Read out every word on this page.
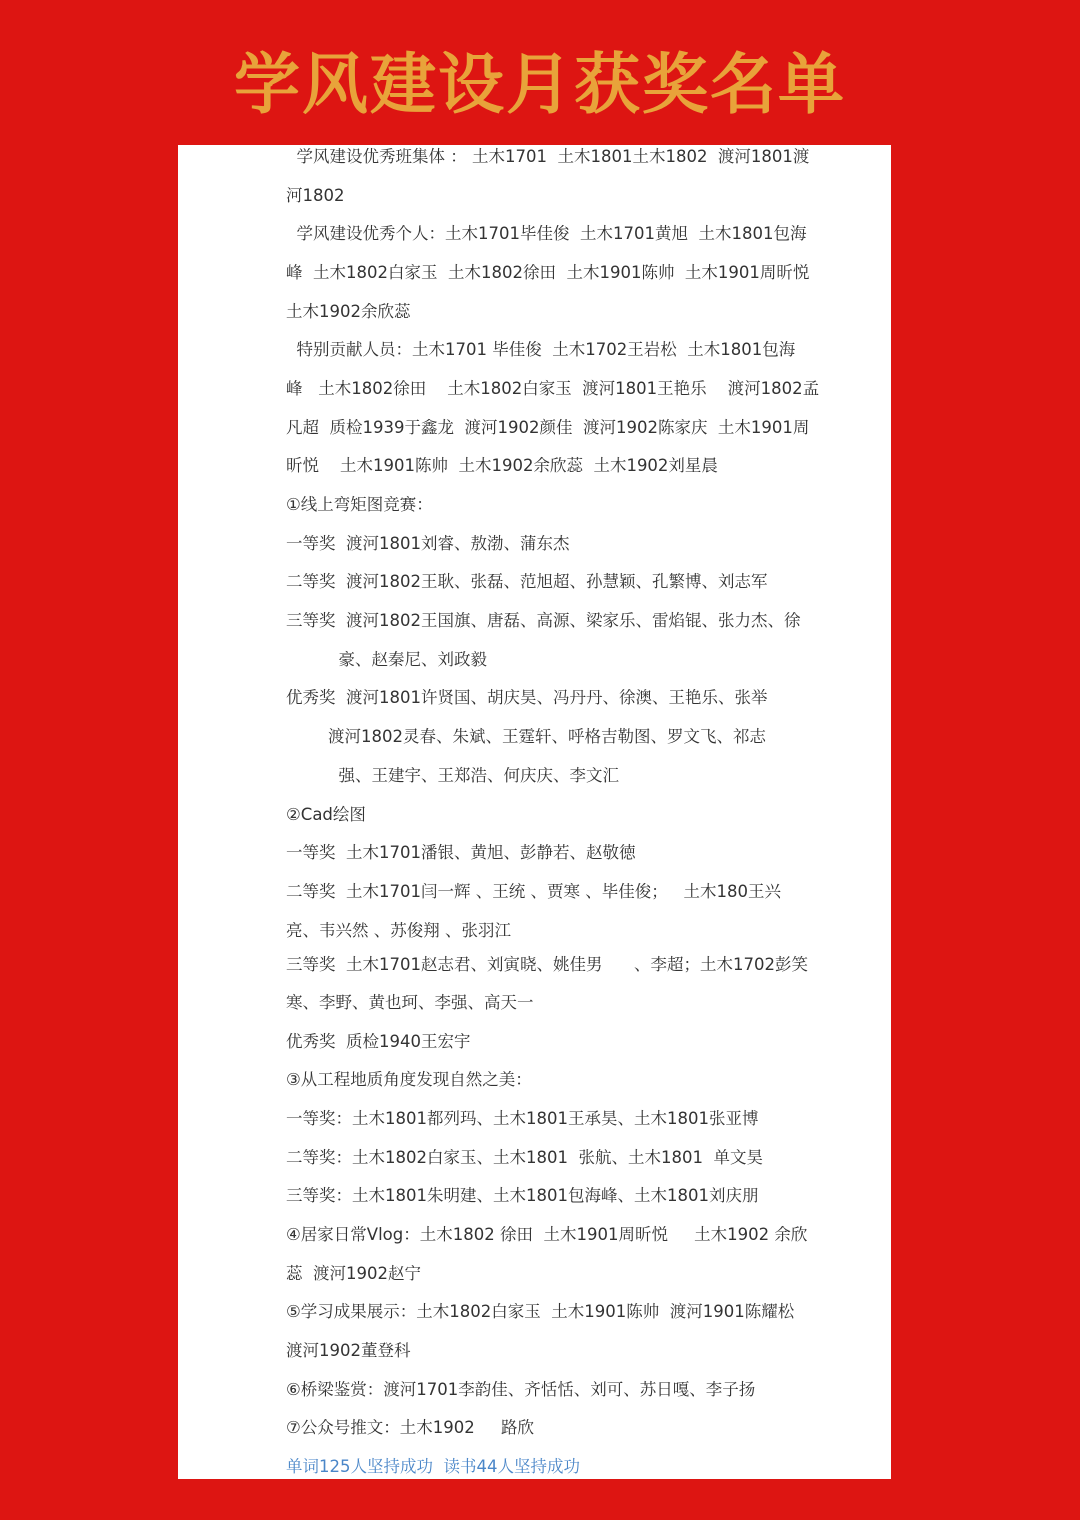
学风建设月获奖名单
学风建设优秀班集体 ： 土木1701  土木1801土木1802  渡河1801渡
河1802
学风建设优秀个人：土木1701毕佳俊  土木1701黄旭  土木1801包海
峰  土木1802白家玉  土木1802徐田  土木1901陈帅  土木1901周昕悦
土木1902余欣蕊
特别贡献人员：土木1701 毕佳俊  土木1702王岩松  土木1801包海
峰   土木1802徐田    土木1802白家玉  渡河1801王艳乐    渡河1802孟
凡超  质检1939于鑫龙  渡河1902颜佳  渡河1902陈家庆  土木1901周
昕悦    土木1901陈帅  土木1902余欣蕊  土木1902刘星晨
①线上弯矩图竞赛：
一等奖  渡河1801刘睿、敖渤、蒲东杰
二等奖  渡河1802王耿、张磊、范旭超、孙慧颖、孔繁博、刘志军
三等奖  渡河1802王国旗、唐磊、高源、梁家乐、雷焰锟、张力杰、徐
豪、赵秦尼、刘政毅
优秀奖  渡河1801许贤国、胡庆昊、冯丹丹、徐澳、王艳乐、张举
渡河1802灵春、朱斌、王霆轩、呼格吉勒图、罗文飞、祁志
强、王建宇、王郑浩、何庆庆、李文汇
②Cad绘图
一等奖  土木1701潘银、黄旭、彭静若、赵敬徳
二等奖  土木1701闫一辉 、王统 、贾寒 、毕佳俊；   土木180王兴
亮、韦兴然 、苏俊翔 、张羽江
三等奖  土木1701赵志君、刘寅晓、姚佳男      、李超；土木1702彭笑
寒、李野、黄也珂、李强、高天一
优秀奖  质检1940王宏宇
③从工程地质角度发现自然之美：
一等奖：土木1801都列玛、土木1801王承昊、土木1801张亚博
二等奖：土木1802白家玉、土木1801  张航、土木1801  单文昊
三等奖：土木1801朱明建、土木1801包海峰、土木1801刘庆朋
④居家日常Vlog：土木1802 徐田  土木1901周昕悦     土木1902 余欣
蕊  渡河1902赵宁
⑤学习成果展示：土木1802白家玉  土木1901陈帅  渡河1901陈耀松
渡河1902董登科
⑥桥梁鉴赏：渡河1701李韵佳、齐恬恬、刘可、苏日嘎、李子扬
⑦公众号推文：土木1902     路欣
单词125人坚持成功  读书44人坚持成功
